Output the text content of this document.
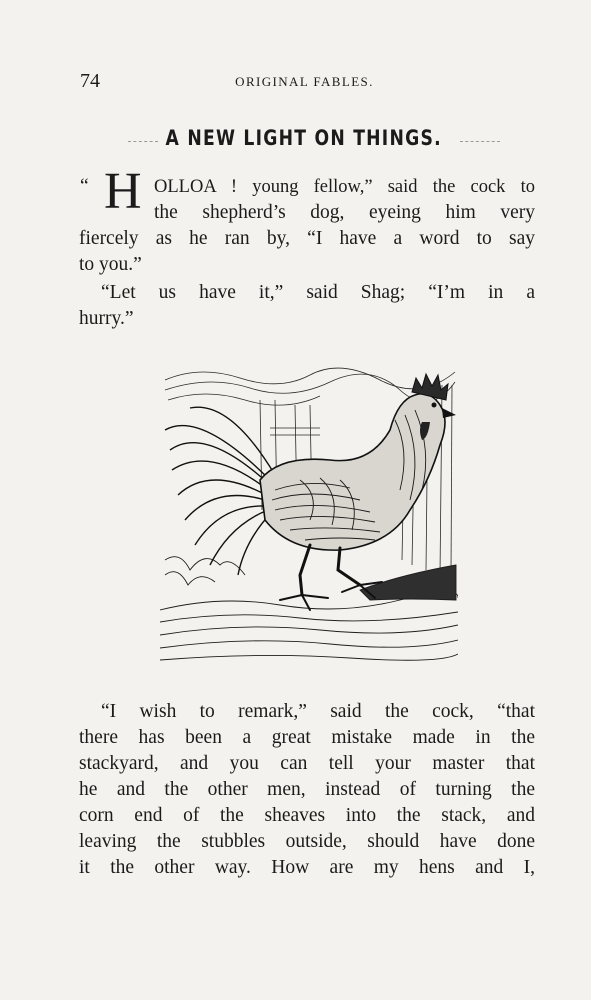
74	ORIGINAL FABLES.
A NEW LIGHT ON THINGS.
“ H OLLOA ! young fellow,” said the cock to
the shepherd’s dog, eyeing him very
fiercely as he ran by, “I have a word to say
to you.”
“Let us have it,” said Shag; “I’m in a
hurry.”
“I wish to remark,” said the cock, “that
there has been a great mistake made in the
stackyard, and you can tell your master that
he and the other men, instead of turning the
corn end of the sheaves into the stack, and
leaving the stubbles outside, should have done
it the other way. How are my hens and I,
